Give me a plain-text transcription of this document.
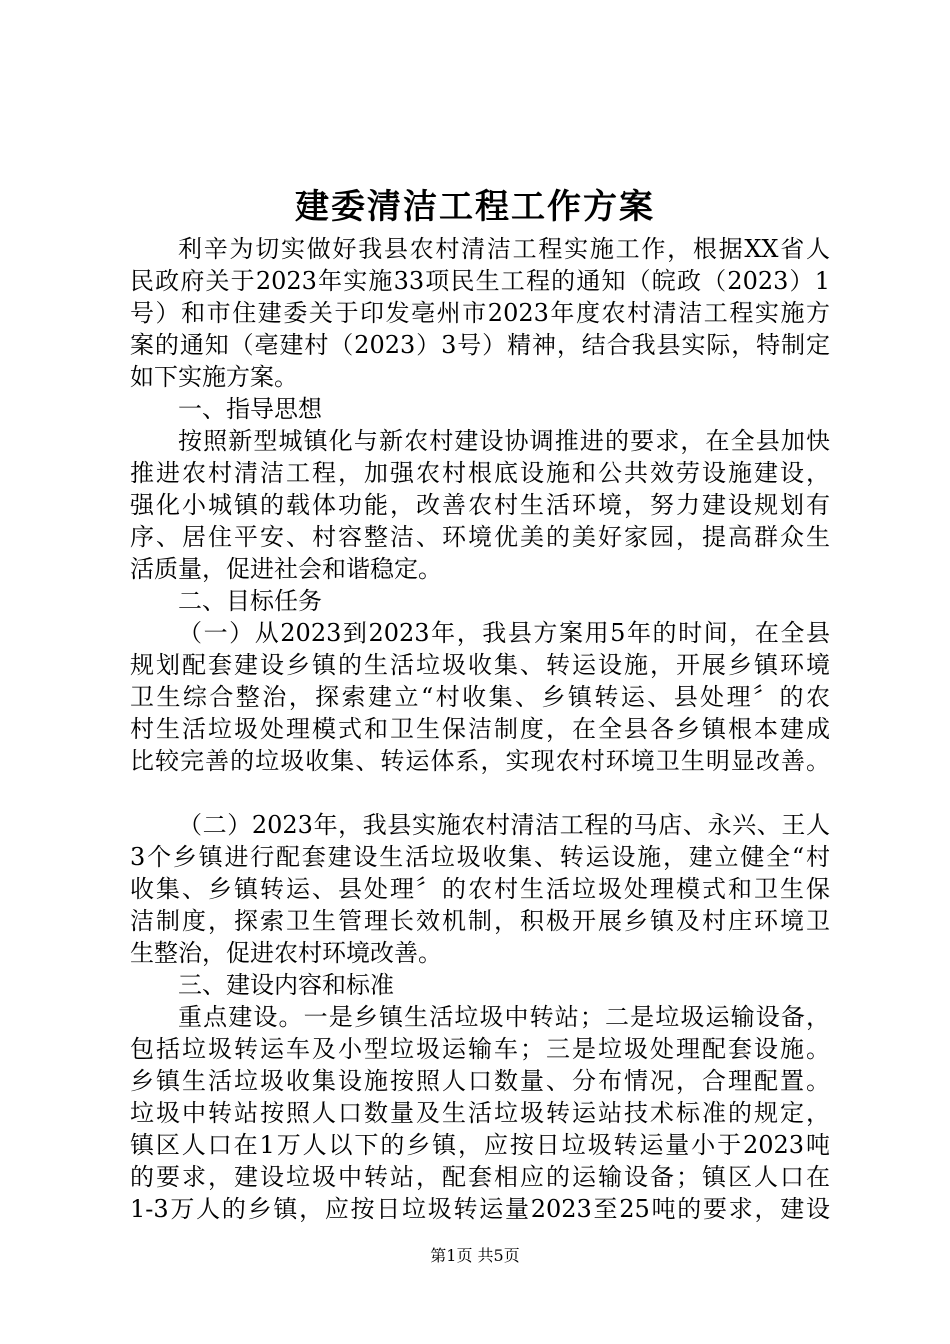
建委清洁工程工作方案
利辛为切实做好我县农村清洁工程实施工作，根据XX省人
民政府关于2023年实施33项民生工程的通知（皖政（2023）1
号）和市住建委关于印发亳州市2023年度农村清洁工程实施方
案的通知（亳建村（2023）3号）精神，结合我县实际，特制定
如下实施方案。
一、指导思想
按照新型城镇化与新农村建设协调推进的要求，在全县加快
推进农村清洁工程，加强农村根底设施和公共效劳设施建设，
强化小城镇的载体功能，改善农村生活环境，努力建设规划有
序、居住平安、村容整洁、环境优美的美好家园，提高群众生
活质量，促进社会和谐稳定。
二、目标任务
（一）从2023到2023年，我县方案用5年的时间，在全县
规划配套建设乡镇的生活垃圾收集、转运设施，开展乡镇环境
卫生综合整治，探索建立“村收集、乡镇转运、县处理〞的农
村生活垃圾处理模式和卫生保洁制度，在全县各乡镇根本建成
比较完善的垃圾收集、转运体系，实现农村环境卫生明显改善。
（二）2023年，我县实施农村清洁工程的马店、永兴、王人
3个乡镇进行配套建设生活垃圾收集、转运设施，建立健全“村
收集、乡镇转运、县处理〞的农村生活垃圾处理模式和卫生保
洁制度，探索卫生管理长效机制，积极开展乡镇及村庄环境卫
生整治，促进农村环境改善。
三、建设内容和标准
重点建设。一是乡镇生活垃圾中转站；二是垃圾运输设备，
包括垃圾转运车及小型垃圾运输车；三是垃圾处理配套设施。
乡镇生活垃圾收集设施按照人口数量、分布情况，合理配置。
垃圾中转站按照人口数量及生活垃圾转运站技术标准的规定，
镇区人口在1万人以下的乡镇，应按日垃圾转运量小于2023吨
的要求，建设垃圾中转站，配套相应的运输设备；镇区人口在
1-3万人的乡镇，应按日垃圾转运量2023至25吨的要求，建设
第1页 共5页
